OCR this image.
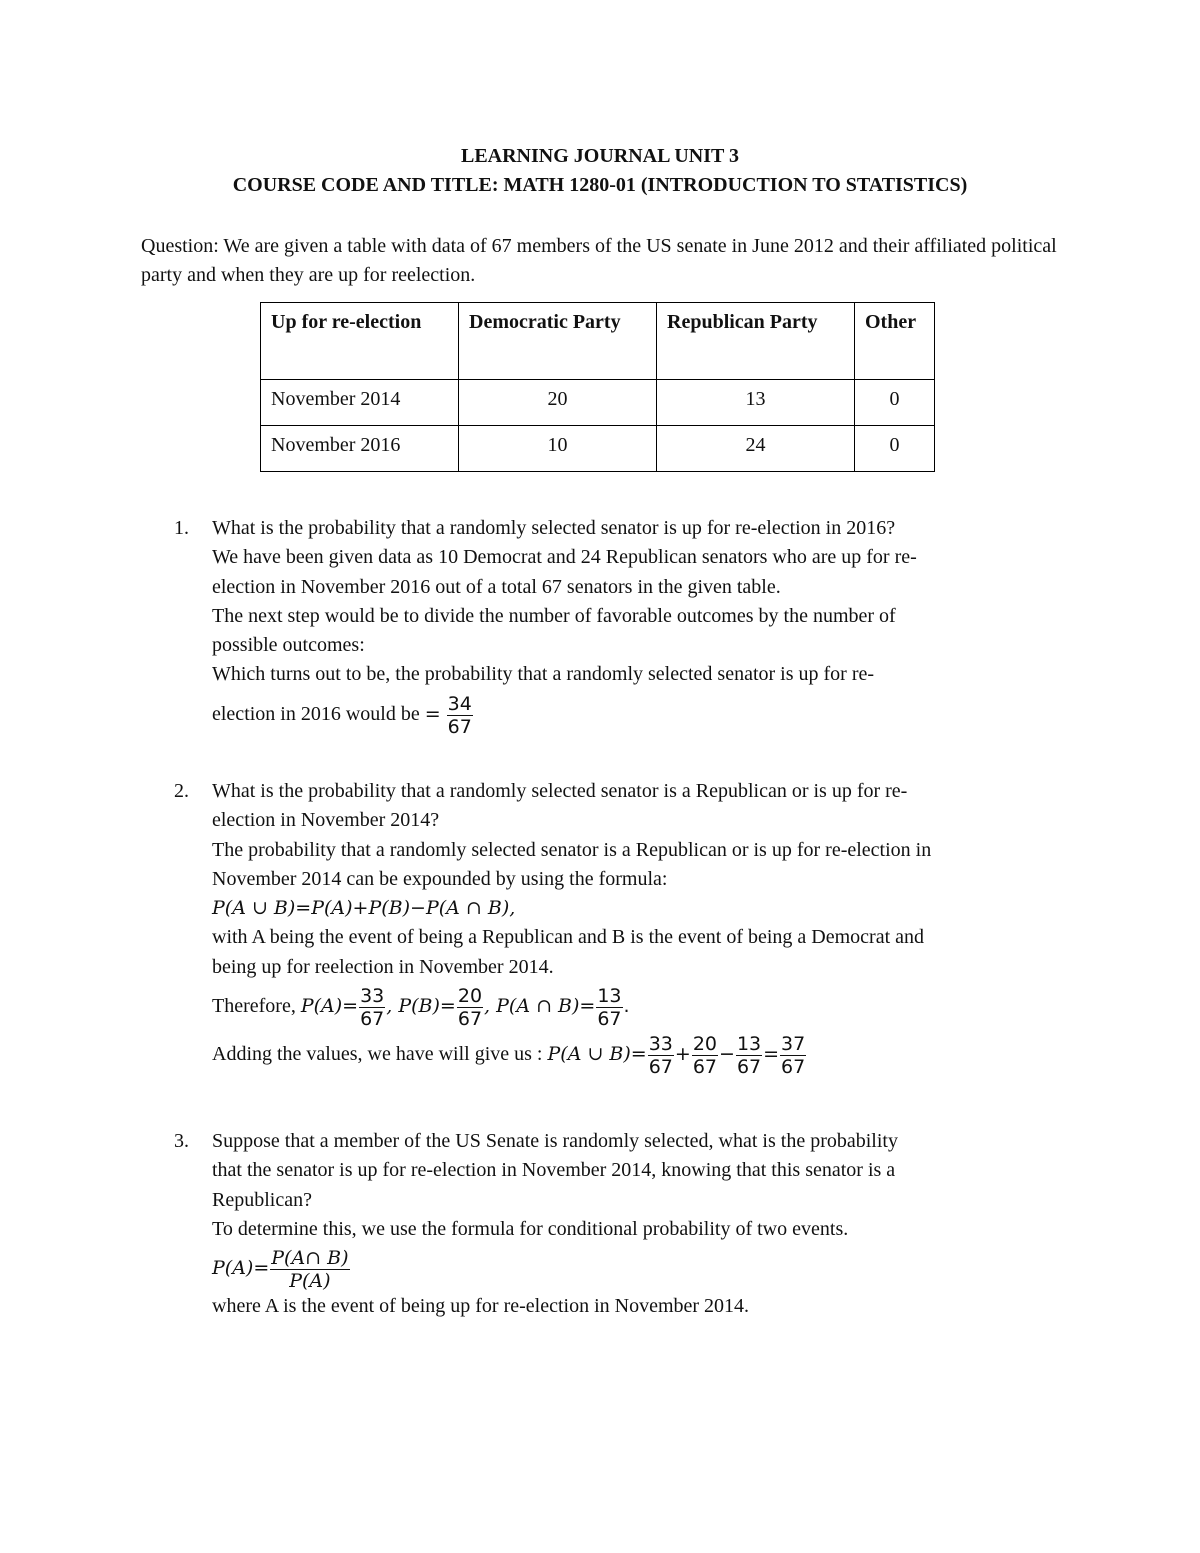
LEARNING JOURNAL UNIT 3
COURSE CODE AND TITLE: MATH 1280-01 (INTRODUCTION TO STATISTICS)
Question: We are given a table with data of 67 members of the US senate in June 2012 and their affiliated political party and when they are up for reelection.
Up for re-election	Democratic Party	Republican Party	Other
November 2014	20	13	0
November 2016	10	24	0
1. What is the probability that a randomly selected senator is up for re-election in 2016?
We have been given data as 10 Democrat and 24 Republican senators who are up for re-
election in November 2016 out of a total 67 senators in the given table.
The next step would be to divide the number of favorable outcomes by the number of
possible outcomes:
Which turns out to be, the probability that a randomly selected senator is up for re-
election in 2016 would be = $\frac{34}{67}$
2. What is the probability that a randomly selected senator is a Republican or is up for re-
election in November 2014?
The probability that a randomly selected senator is a Republican or is up for re-election in
November 2014 can be expounded by using the formula:
P(A ∪ B)=P(A)+P(B)−P(A ∩ B),
with A being the event of being a Republican and B is the event of being a Democrat and
being up for reelection in November 2014.
Therefore, $P(A)= \frac{33}{67}$ , $P(B)= \frac{20}{67}$ , P(A ∩ $B)= \frac{13}{67}$ .
Adding the values, we have will give us : P(A ∪ $B)= \frac{33}{67} + \frac{20}{67} - \frac{13}{67} = \frac{37}{67}$
3. Suppose that a member of the US Senate is randomly selected, what is the probability
that the senator is up for re-election in November 2014, knowing that this senator is a
Republican?
To determine this, we use the formula for conditional probability of two events.
$P(A)= \frac{P(A\cap B)}{P(A)}$
where A is the event of being up for re-election in November 2014.
